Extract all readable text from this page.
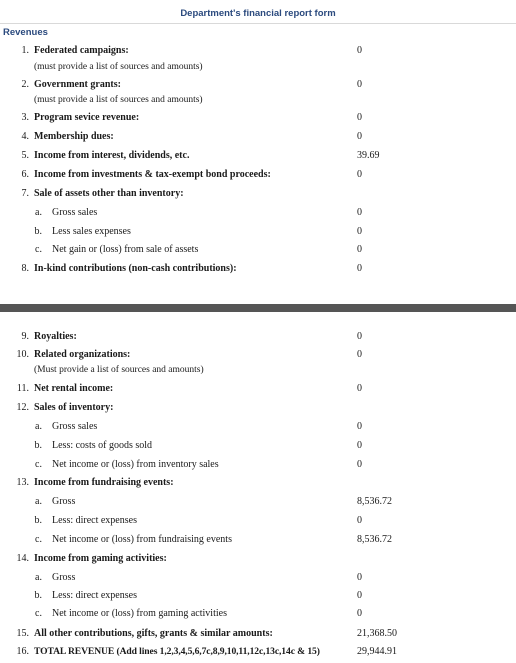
Department's financial report form
Revenues
1. Federated campaigns:	0
(must provide a list of sources and amounts)
2. Government grants:	0
(must provide a list of sources and amounts)
3. Program sevice revenue:	0
4. Membership dues:	0
5. Income from interest, dividends, etc.	39.69
6. Income from investments & tax-exempt bond proceeds:	0
7. Sale of assets other than inventory:
a. Gross sales	0
b. Less sales expenses	0
c. Net gain or (loss) from sale of assets	0
8. In-kind contributions (non-cash contributions):	0
9. Royalties:	0
10. Related organizations:	0
(Must provide a list of sources and amounts)
11. Net rental income:	0
12. Sales of inventory:
a. Gross sales	0
b. Less: costs of goods sold	0
c. Net income or (loss) from inventory sales	0
13. Income from fundraising events:
a. Gross	8,536.72
b. Less: direct expenses	0
c. Net income or (loss) from fundraising events	8,536.72
14. Income from gaming activities:
a. Gross	0
b. Less: direct expenses	0
c. Net income or (loss) from gaming activities	0
15. All other contributions, gifts, grants & similar amounts:	21,368.50
16. TOTAL REVENUE (Add lines 1,2,3,4,5,6,7c,8,9,10,11,12c,13c,14c & 15)	29,944.91
